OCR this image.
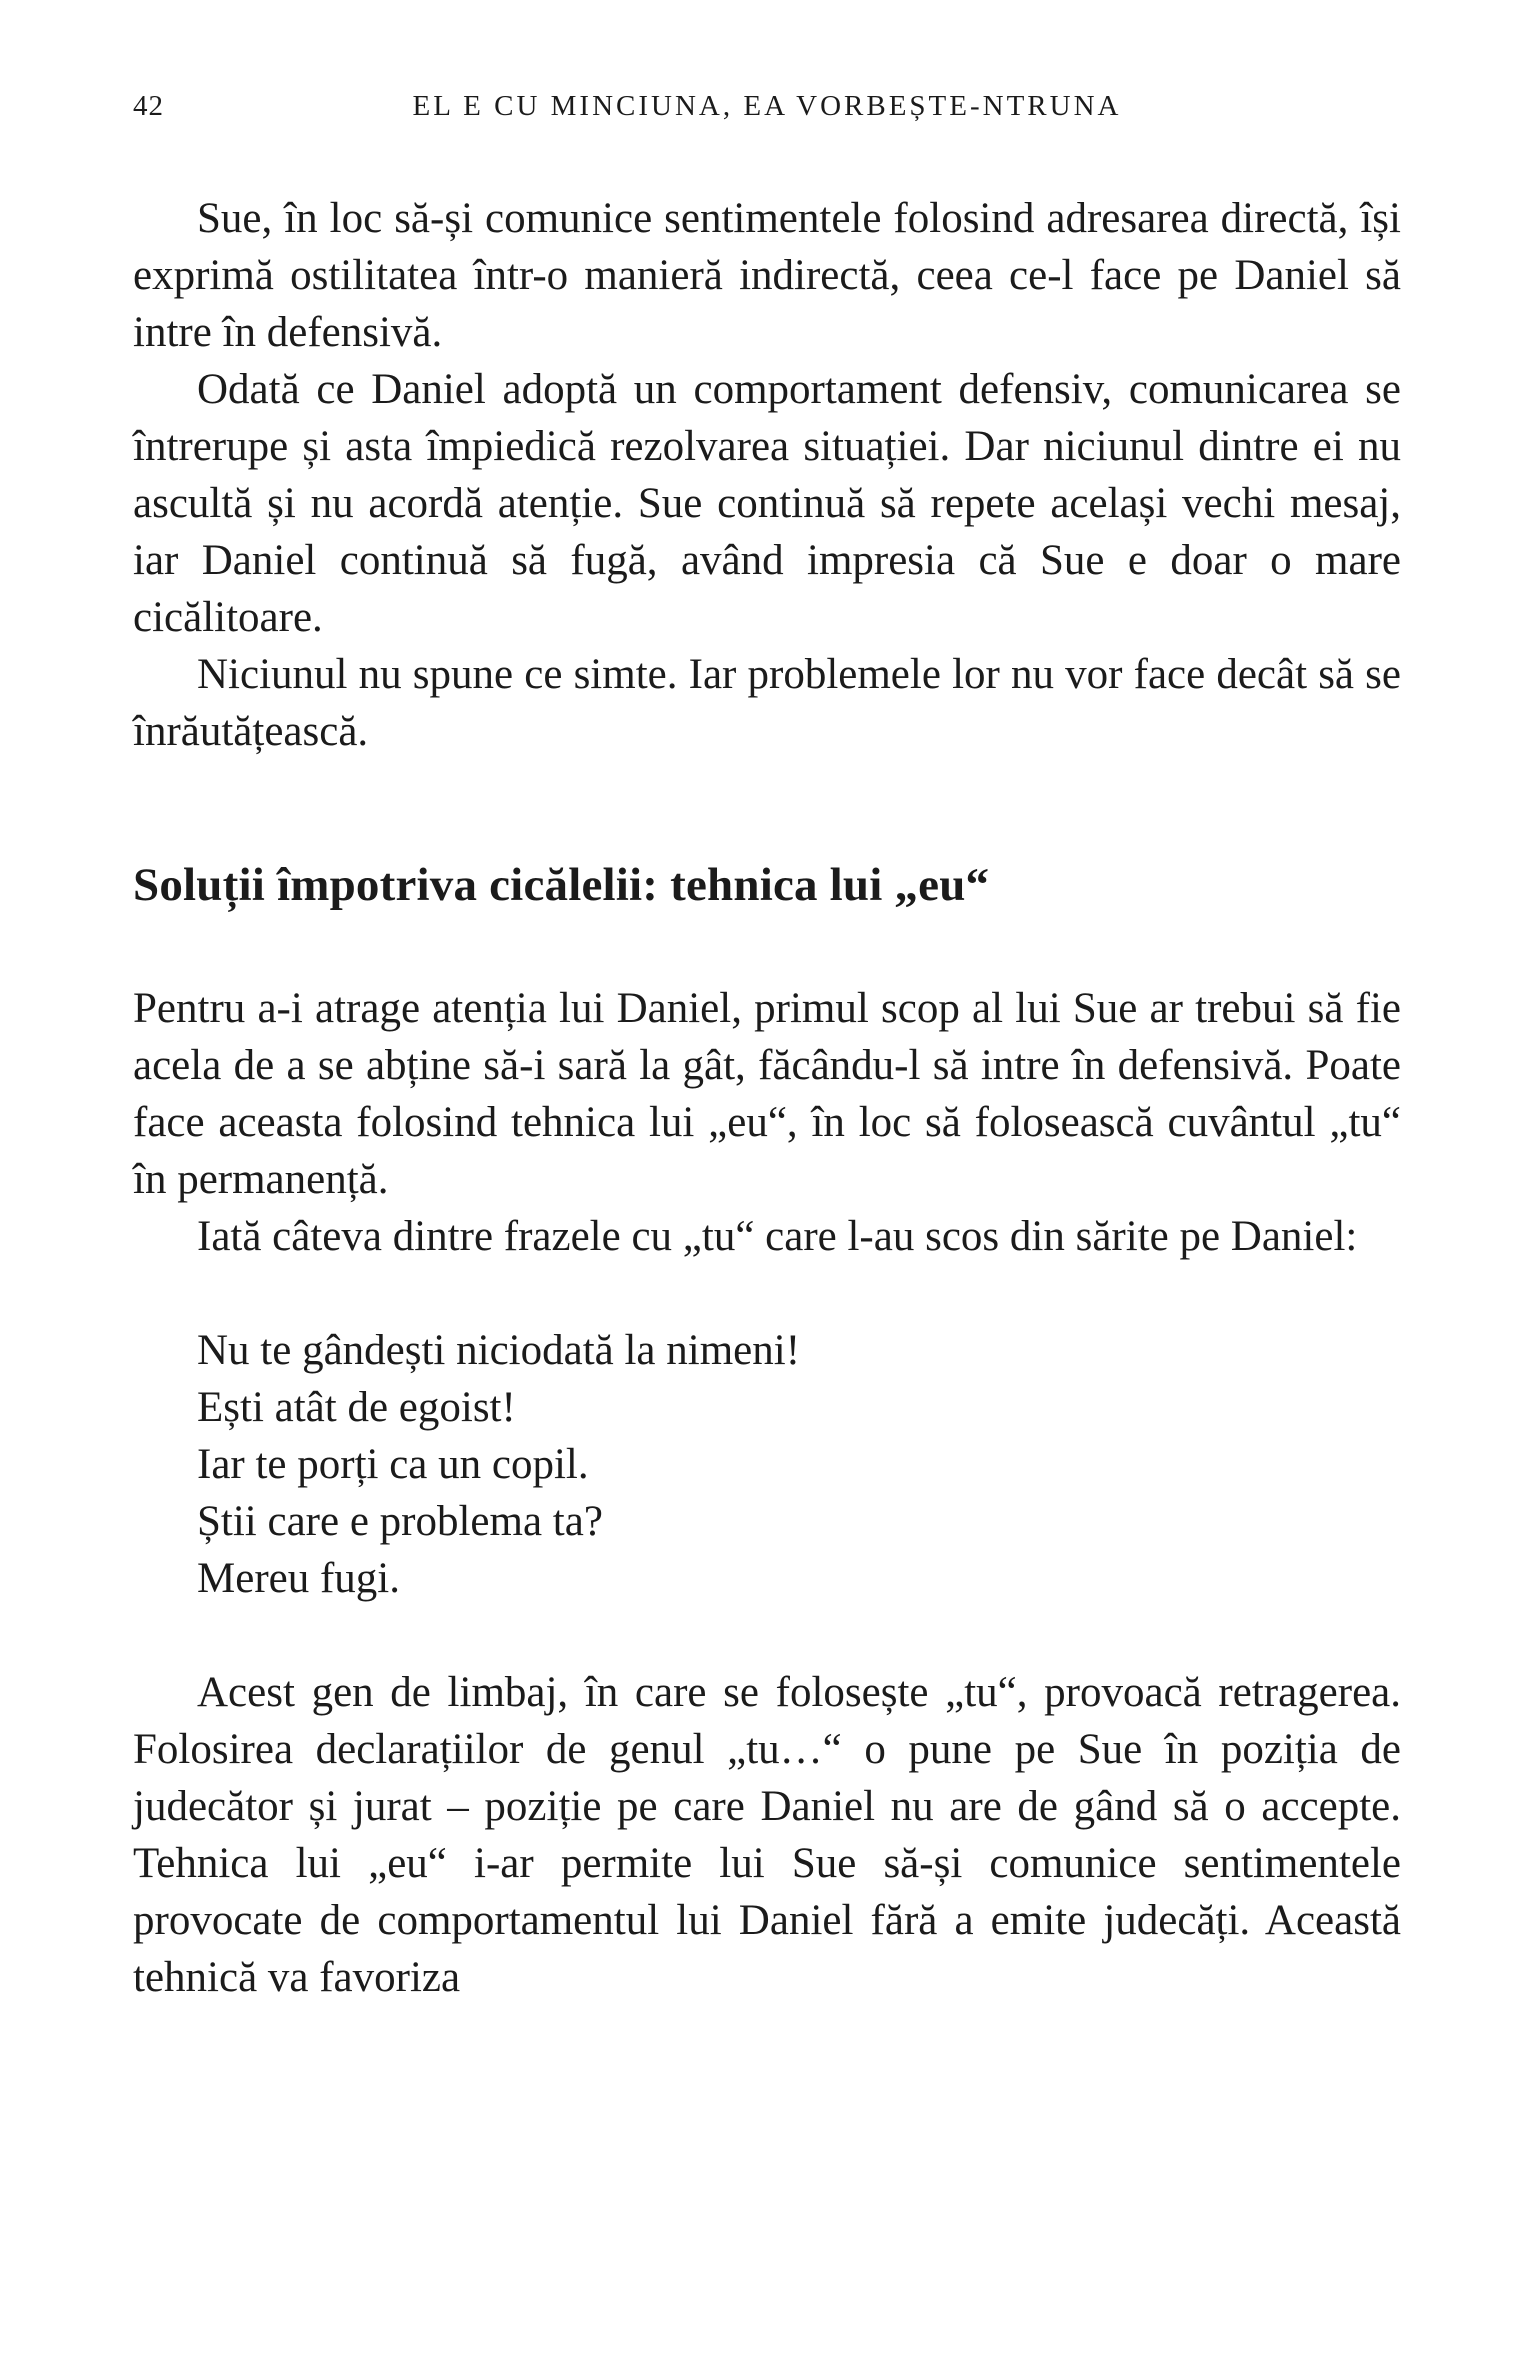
42	EL E CU MINCIUNA, EA VORBEȘTE-NTRUNA

Sue, în loc să-și comunice sentimentele folosind adresarea directă, își exprimă ostilitatea într-o manieră indirectă, ceea ce-l face pe Daniel să intre în defensivă.

Odată ce Daniel adoptă un comportament defensiv, comunicarea se întrerupe și asta împiedică rezolvarea situației. Dar niciunul dintre ei nu ascultă și nu acordă atenție. Sue continuă să repete același vechi mesaj, iar Daniel continuă să fugă, având impresia că Sue e doar o mare cicălitoare.

Niciunul nu spune ce simte. Iar problemele lor nu vor face decât să se înrăutățească.

Soluții împotriva cicălelii: tehnica lui „eu“

Pentru a-i atrage atenția lui Daniel, primul scop al lui Sue ar trebui să fie acela de a se abține să-i sară la gât, făcându-l să intre în defensivă. Poate face aceasta folosind tehnica lui „eu“, în loc să folosească cuvântul „tu“ în permanență.

Iată câteva dintre frazele cu „tu“ care l-au scos din sărite pe Daniel:

Nu te gândești niciodată la nimeni!

Ești atât de egoist!

Iar te porți ca un copil.

Știi care e problema ta?

Mereu fugi.

Acest gen de limbaj, în care se folosește „tu“, provoacă retragerea. Folosirea declarațiilor de genul „tu…“ o pune pe Sue în poziția de judecător și jurat – poziție pe care Daniel nu are de gând să o accepte. Tehnica lui „eu“ i-ar permite lui Sue să-și comunice sentimentele provocate de comportamentul lui Daniel fără a emite judecăți. Această tehnică va favoriza
